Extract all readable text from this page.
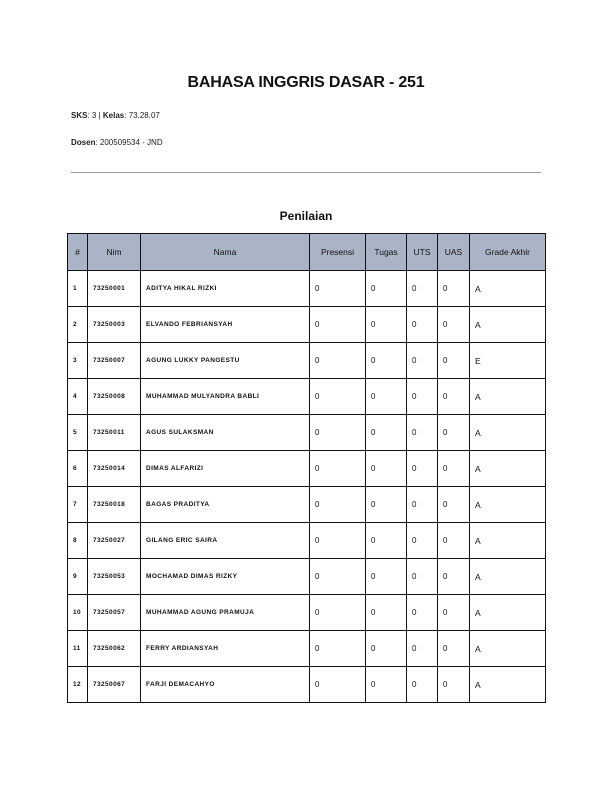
BAHASA INGGRIS DASAR - 251
SKS: 3 | Kelas: 73.28.07
Dosen: 200509534 - JND
Penilaian
#	Nim	Nama	Presensi	Tugas	UTS	UAS	Grade Akhir
1	73250001	ADITYA HIKAL RIZKI	0	0	0	0	A
2	73250003	ELVANDO FEBRIANSYAH	0	0	0	0	A
3	73250007	AGUNG LUKKY PANGESTU	0	0	0	0	E
4	73250008	MUHAMMAD MULYANDRA BABLI	0	0	0	0	A
5	73250011	AGUS SULAKSMAN	0	0	0	0	A
6	73250014	DIMAS ALFARIZI	0	0	0	0	A
7	73250018	BAGAS PRADITYA	0	0	0	0	A
8	73250027	GILANG ERIC SAIRA	0	0	0	0	A
9	73250053	MOCHAMAD DIMAS RIZKY	0	0	0	0	A
10	73250057	MUHAMMAD AGUNG PRAMUJA	0	0	0	0	A
11	73250062	FERRY ARDIANSYAH	0	0	0	0	A
12	73250067	FARJI DEMACAHYO	0	0	0	0	A
